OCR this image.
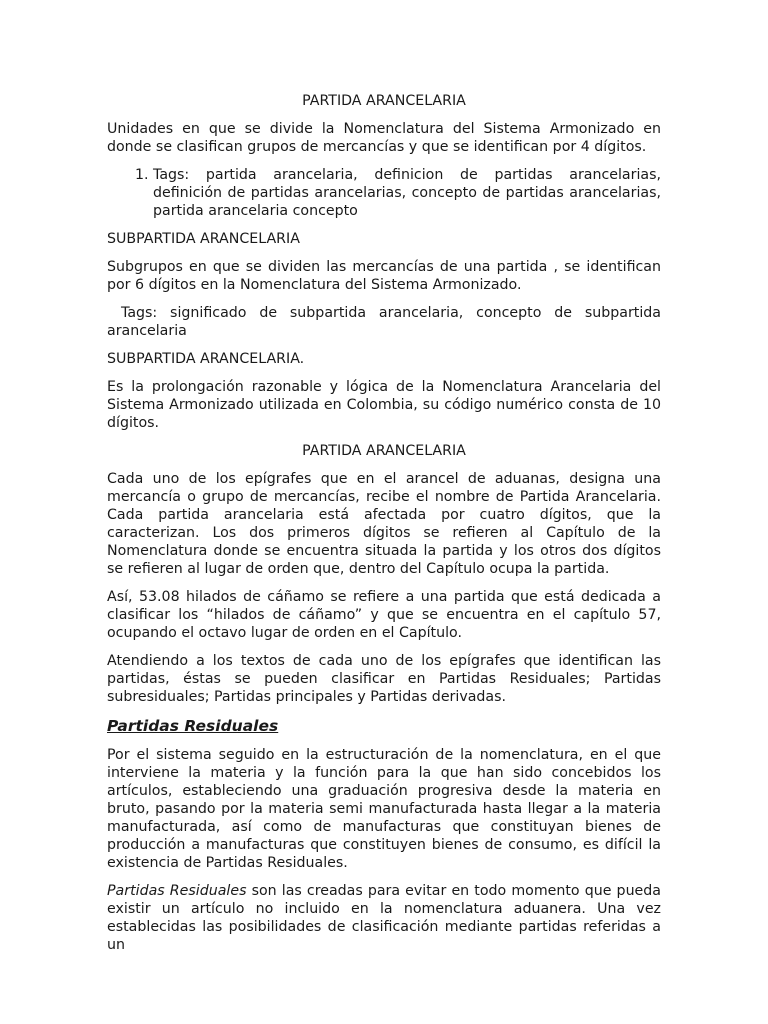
PARTIDA ARANCELARIA

Unidades en que se divide la Nomenclatura del Sistema Armonizado en donde se clasifican grupos de mercancías y que se identifican por 4 dígitos.

1. Tags: partida arancelaria, definicion de partidas arancelarias, definición de partidas arancelarias, concepto de partidas arancelarias, partida arancelaria concepto

SUBPARTIDA ARANCELARIA

Subgrupos en que se dividen las mercancías de una partida , se identifican por 6 dígitos en la Nomenclatura del Sistema Armonizado.

Tags: significado de subpartida arancelaria, concepto de subpartida arancelaria

SUBPARTIDA ARANCELARIA.

Es la prolongación razonable y lógica de la Nomenclatura Arancelaria del Sistema Armonizado utilizada en Colombia, su código numérico consta de 10 dígitos.

PARTIDA ARANCELARIA

Cada uno de los epígrafes que en el arancel de aduanas, designa una mercancía o grupo de mercancías, recibe el nombre de Partida Arancelaria. Cada partida arancelaria está afectada por cuatro dígitos, que la caracterizan. Los dos primeros dígitos se refieren al Capítulo de la Nomenclatura donde se encuentra situada la partida y los otros dos dígitos se refieren al lugar de orden que, dentro del Capítulo ocupa la partida.

Así, 53.08 hilados de cáñamo se refiere a una partida que está dedicada a clasificar los “hilados de cáñamo” y que se encuentra en el capítulo 57, ocupando el octavo lugar de orden en el Capítulo.

Atendiendo a los textos de cada uno de los epígrafes que identifican las partidas, éstas se pueden clasificar en Partidas Residuales; Partidas subresiduales; Partidas principales y Partidas derivadas.

Partidas Residuales

Por el sistema seguido en la estructuración de la nomenclatura, en el que interviene la materia y la función para la que han sido concebidos los artículos, estableciendo una graduación progresiva desde la materia en bruto, pasando por la materia semi manufacturada hasta llegar a la materia manufacturada, así como de manufacturas que constituyan bienes de producción a manufacturas que constituyen bienes de consumo, es difícil la existencia de Partidas Residuales.

Partidas Residuales son las creadas para evitar en todo momento que pueda existir un artículo no incluido en la nomenclatura aduanera. Una vez establecidas las posibilidades de clasificación mediante partidas referidas a un
